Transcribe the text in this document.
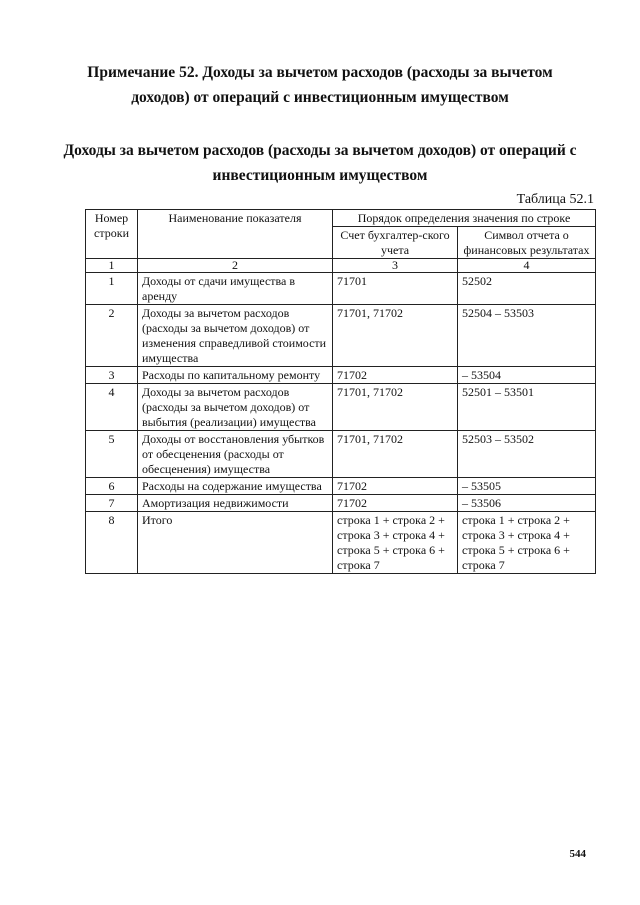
Примечание 52. Доходы за вычетом расходов (расходы за вычетом доходов) от операций с инвестиционным имуществом
Доходы за вычетом расходов (расходы за вычетом доходов) от операций с инвестиционным имуществом
Таблица 52.1
Номер строки	Наименование показателя	Порядок определения значения по строке	
		Счет бухгалтер-ского учета	Символ отчета о финансовых результатах
1	2	3	4
1	Доходы от сдачи имущества в аренду	71701	52502
2	Доходы за вычетом расходов (расходы за вычетом доходов) от изменения справедливой стоимости имущества	71701, 71702	52504 – 53503
3	Расходы по капитальному ремонту	71702	– 53504
4	Доходы за вычетом расходов (расходы за вычетом доходов) от выбытия (реализации) имущества	71701, 71702	52501 – 53501
5	Доходы от восстановления убытков от обесценения (расходы от обесценения) имущества	71701, 71702	52503 – 53502
6	Расходы на содержание имущества	71702	– 53505
7	Амортизация недвижимости	71702	– 53506
8	Итого	строка 1 + строка 2 + строка 3 + строка 4 + строка 5 + строка 6 + строка 7	строка 1 + строка 2 + строка 3 + строка 4 + строка 5 + строка 6 + строка 7
544
